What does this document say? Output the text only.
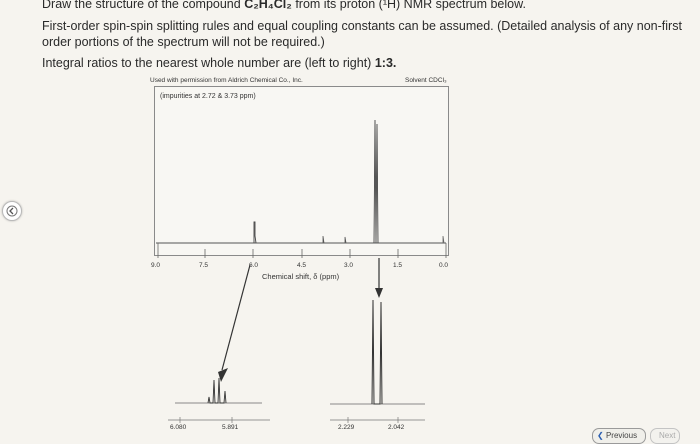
Draw the structure of the compound C₂H₄Cl₂ from its proton (¹H) NMR spectrum below.
First-order spin-spin splitting rules and equal coupling constants can be assumed. (Detailed analysis of any non-first
order portions of the spectrum will not be required.)
Integral ratios to the nearest whole number are (left to right) 1:3.
Used with permission from Aldrich Chemical Co., Inc.	Solvent CDCl₃
(impurities at 2.72 & 3.73 ppm)
9.0	7.5	6.0	4.5	3.0	1.5	0.0
Chemical shift, δ (ppm)
6.080	5.891	2.229	2.042
❮ Previous	Next
